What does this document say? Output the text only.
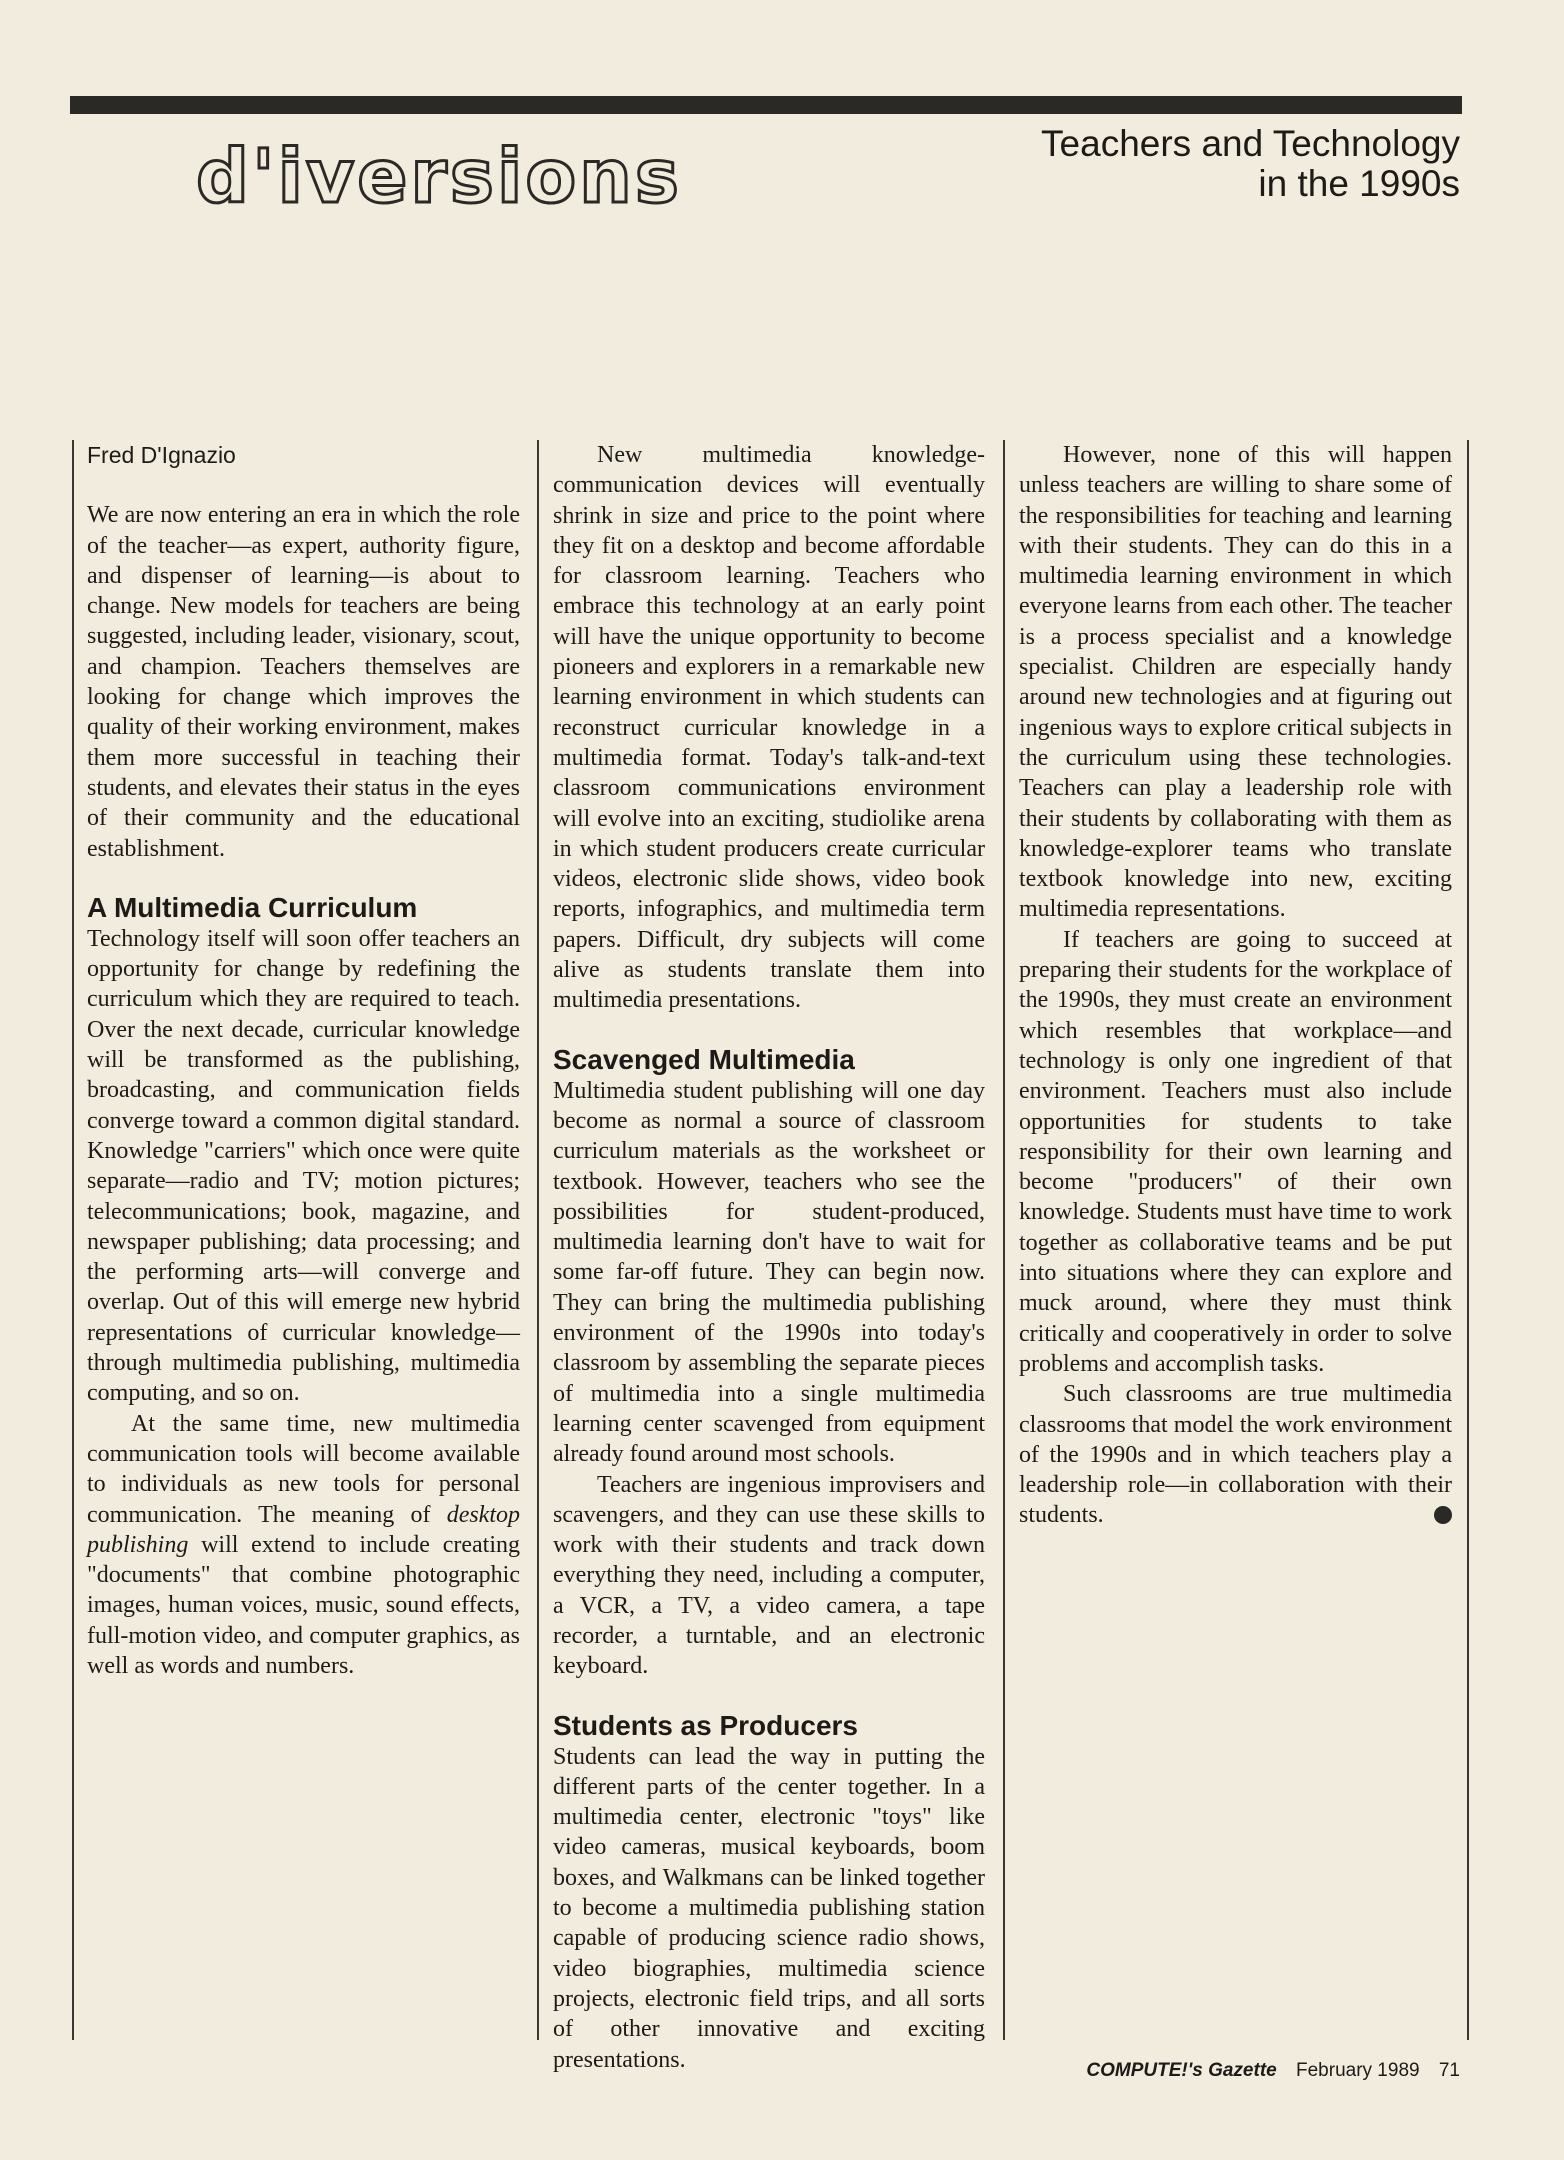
d'iversions	Teachers and Technology
in the 1990s

Fred D'Ignazio

We are now entering an era in which the role of the teacher—as expert, authority figure, and dispenser of learning—is about to change. New models for teachers are being suggested, including leader, visionary, scout, and champion. Teachers themselves are looking for change which improves the quality of their working environment, makes them more successful in teaching their students, and elevates their status in the eyes of their community and the educational establishment.

A Multimedia Curriculum

Technology itself will soon offer teachers an opportunity for change by redefining the curriculum which they are required to teach. Over the next decade, curricular knowledge will be transformed as the publishing, broadcasting, and communication fields converge toward a common digital standard. Knowledge "carriers" which once were quite separate—radio and TV; motion pictures; telecommunications; book, magazine, and newspaper publishing; data processing; and the performing arts—will converge and overlap. Out of this will emerge new hybrid representations of curricular knowledge—through multimedia publishing, multimedia computing, and so on.

At the same time, new multimedia communication tools will become available to individuals as new tools for personal communication. The meaning of desktop publishing will extend to include creating "documents" that combine photographic images, human voices, music, sound effects, full-motion video, and computer graphics, as well as words and numbers.

New multimedia knowledge-communication devices will eventually shrink in size and price to the point where they fit on a desktop and become affordable for classroom learning. Teachers who embrace this technology at an early point will have the unique opportunity to become pioneers and explorers in a remarkable new learning environment in which students can reconstruct curricular knowledge in a multimedia format. Today's talk-and-text classroom communications environment will evolve into an exciting, studiolike arena in which student producers create curricular videos, electronic slide shows, video book reports, infographics, and multimedia term papers. Difficult, dry subjects will come alive as students translate them into multimedia presentations.

Scavenged Multimedia

Multimedia student publishing will one day become as normal a source of classroom curriculum materials as the worksheet or textbook. However, teachers who see the possibilities for student-produced, multimedia learning don't have to wait for some far-off future. They can begin now. They can bring the multimedia publishing environment of the 1990s into today's classroom by assembling the separate pieces of multimedia into a single multimedia learning center scavenged from equipment already found around most schools.

Teachers are ingenious improvisers and scavengers, and they can use these skills to work with their students and track down everything they need, including a computer, a VCR, a TV, a video camera, a tape recorder, a turntable, and an electronic keyboard.

Students as Producers

Students can lead the way in putting the different parts of the center together. In a multimedia center, electronic "toys" like video cameras, musical keyboards, boom boxes, and Walkmans can be linked together to become a multimedia publishing station capable of producing science radio shows, video biographies, multimedia science projects, electronic field trips, and all sorts of other innovative and exciting presentations.

However, none of this will happen unless teachers are willing to share some of the responsibilities for teaching and learning with their students. They can do this in a multimedia learning environment in which everyone learns from each other. The teacher is a process specialist and a knowledge specialist. Children are especially handy around new technologies and at figuring out ingenious ways to explore critical subjects in the curriculum using these technologies. Teachers can play a leadership role with their students by collaborating with them as knowledge-explorer teams who translate textbook knowledge into new, exciting multimedia representations.

If teachers are going to succeed at preparing their students for the workplace of the 1990s, they must create an environment which resembles that workplace—and technology is only one ingredient of that environment. Teachers must also include opportunities for students to take responsibility for their own learning and become "producers" of their own knowledge. Students must have time to work together as collaborative teams and be put into situations where they can explore and muck around, where they must think critically and cooperatively in order to solve problems and accomplish tasks.

Such classrooms are true multimedia classrooms that model the work environment of the 1990s and in which teachers play a leadership role—in collaboration with their students.

COMPUTE!'s Gazette February 1989 71
